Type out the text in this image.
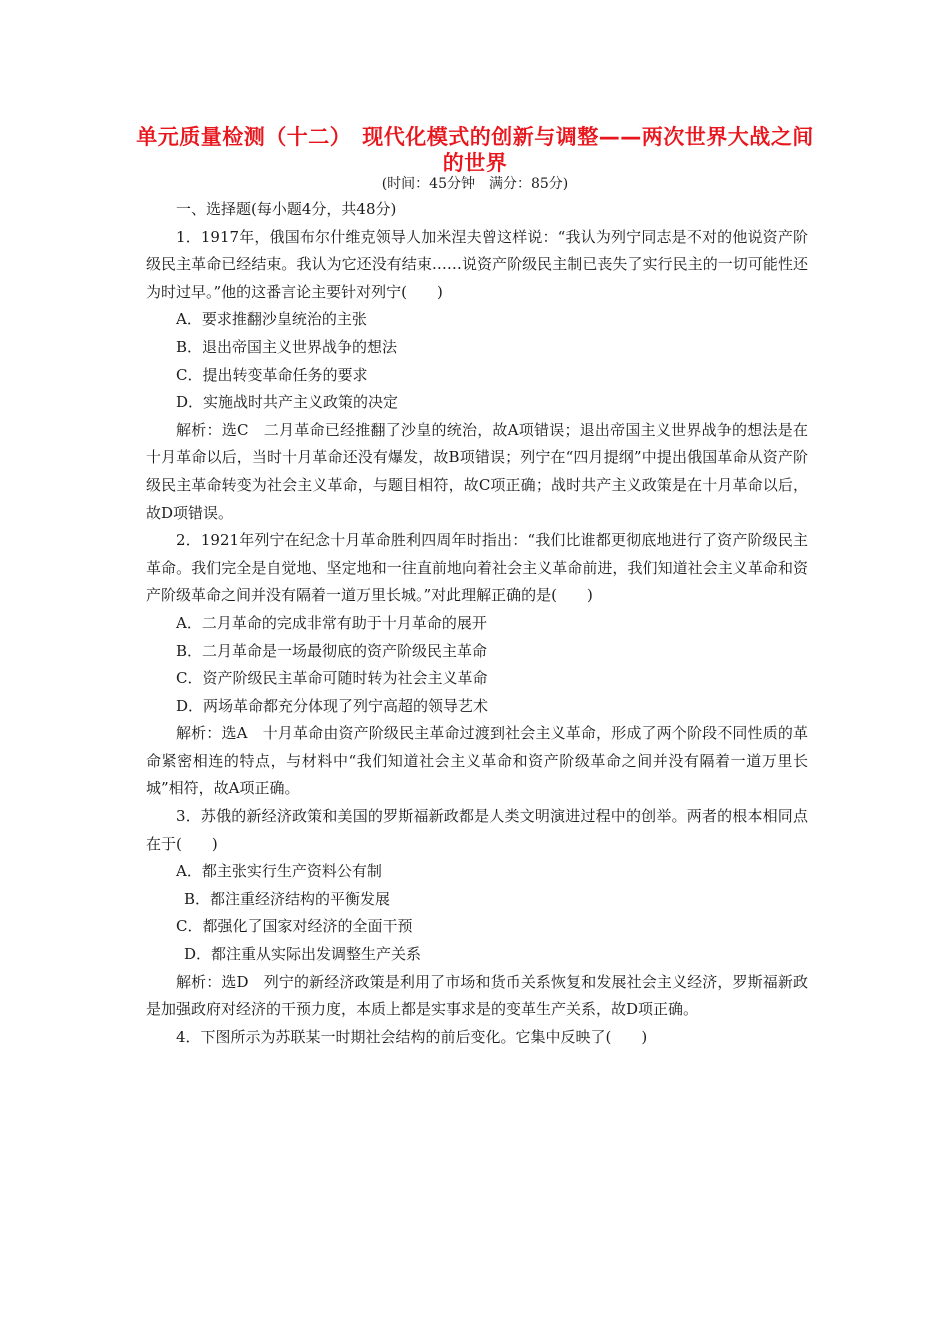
单元质量检测（十二）　现代化模式的创新与调整——两次世界大战之间的世界
(时间：45分钟　满分：85分)

一、选择题(每小题4分，共48分)

1．1917年，俄国布尔什维克领导人加米涅夫曾这样说：“我认为列宁同志是不对的他说资产阶级民主革命已经结束。我认为它还没有结束……说资产阶级民主制已丧失了实行民主的一切可能性还为时过早。”他的这番言论主要针对列宁(　　)

A．要求推翻沙皇统治的主张

B．退出帝国主义世界战争的想法

C．提出转变革命任务的要求

D．实施战时共产主义政策的决定

解析：选C　二月革命已经推翻了沙皇的统治，故A项错误；退出帝国主义世界战争的想法是在十月革命以后，当时十月革命还没有爆发，故B项错误；列宁在“四月提纲”中提出俄国革命从资产阶级民主革命转变为社会主义革命，与题目相符，故C项正确；战时共产主义政策是在十月革命以后，故D项错误。

2．1921年列宁在纪念十月革命胜利四周年时指出：“我们比谁都更彻底地进行了资产阶级民主革命。我们完全是自觉地、坚定地和一往直前地向着社会主义革命前进，我们知道社会主义革命和资产阶级革命之间并没有隔着一道万里长城。”对此理解正确的是(　　)

A．二月革命的完成非常有助于十月革命的展开

B．二月革命是一场最彻底的资产阶级民主革命

C．资产阶级民主革命可随时转为社会主义革命

D．两场革命都充分体现了列宁高超的领导艺术

解析：选A　十月革命由资产阶级民主革命过渡到社会主义革命，形成了两个阶段不同性质的革命紧密相连的特点，与材料中“我们知道社会主义革命和资产阶级革命之间并没有隔着一道万里长城”相符，故A项正确。

3．苏俄的新经济政策和美国的罗斯福新政都是人类文明演进过程中的创举。两者的根本相同点在于(　　)

A．都主张实行生产资料公有制

B．都注重经济结构的平衡发展

C．都强化了国家对经济的全面干预

D．都注重从实际出发调整生产关系

解析：选D　列宁的新经济政策是利用了市场和货币关系恢复和发展社会主义经济，罗斯福新政是加强政府对经济的干预力度，本质上都是实事求是的变革生产关系，故D项正确。

4．下图所示为苏联某一时期社会结构的前后变化。它集中反映了(　　)
